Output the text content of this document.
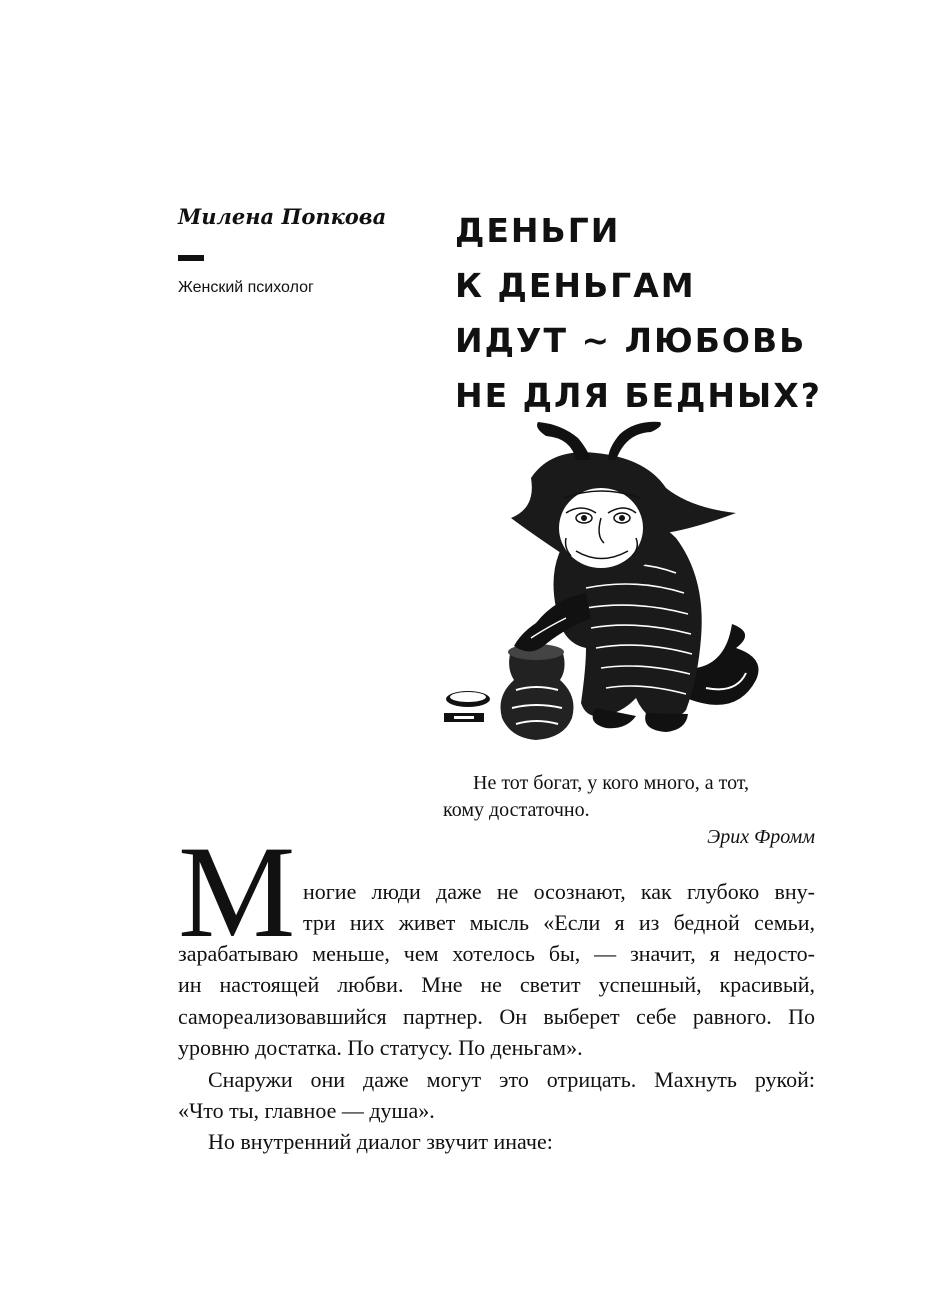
Милена Попкова
Женский психолог
ДЕНЬГИ
К ДЕНЬГАМ
ИДУТ ~ ЛЮБОВЬ
НЕ ДЛЯ БЕДНЫХ?
Не тот богат, у кого много, а тот,
кому достаточно.
Эрих Фромм
М ногие люди даже не осознают, как глубоко вну-
три них живет мысль «Если я из бедной семьи,
зарабатываю меньше, чем хотелось бы, — значит, я недосто-
ин настоящей любви. Мне не светит успешный, красивый,
самореализовавшийся партнер. Он выберет себе равного. По
уровню достатка. По статусу. По деньгам».
Снаружи они даже могут это отрицать. Махнуть рукой:
«Что ты, главное — душа».
Но внутренний диалог звучит иначе:
